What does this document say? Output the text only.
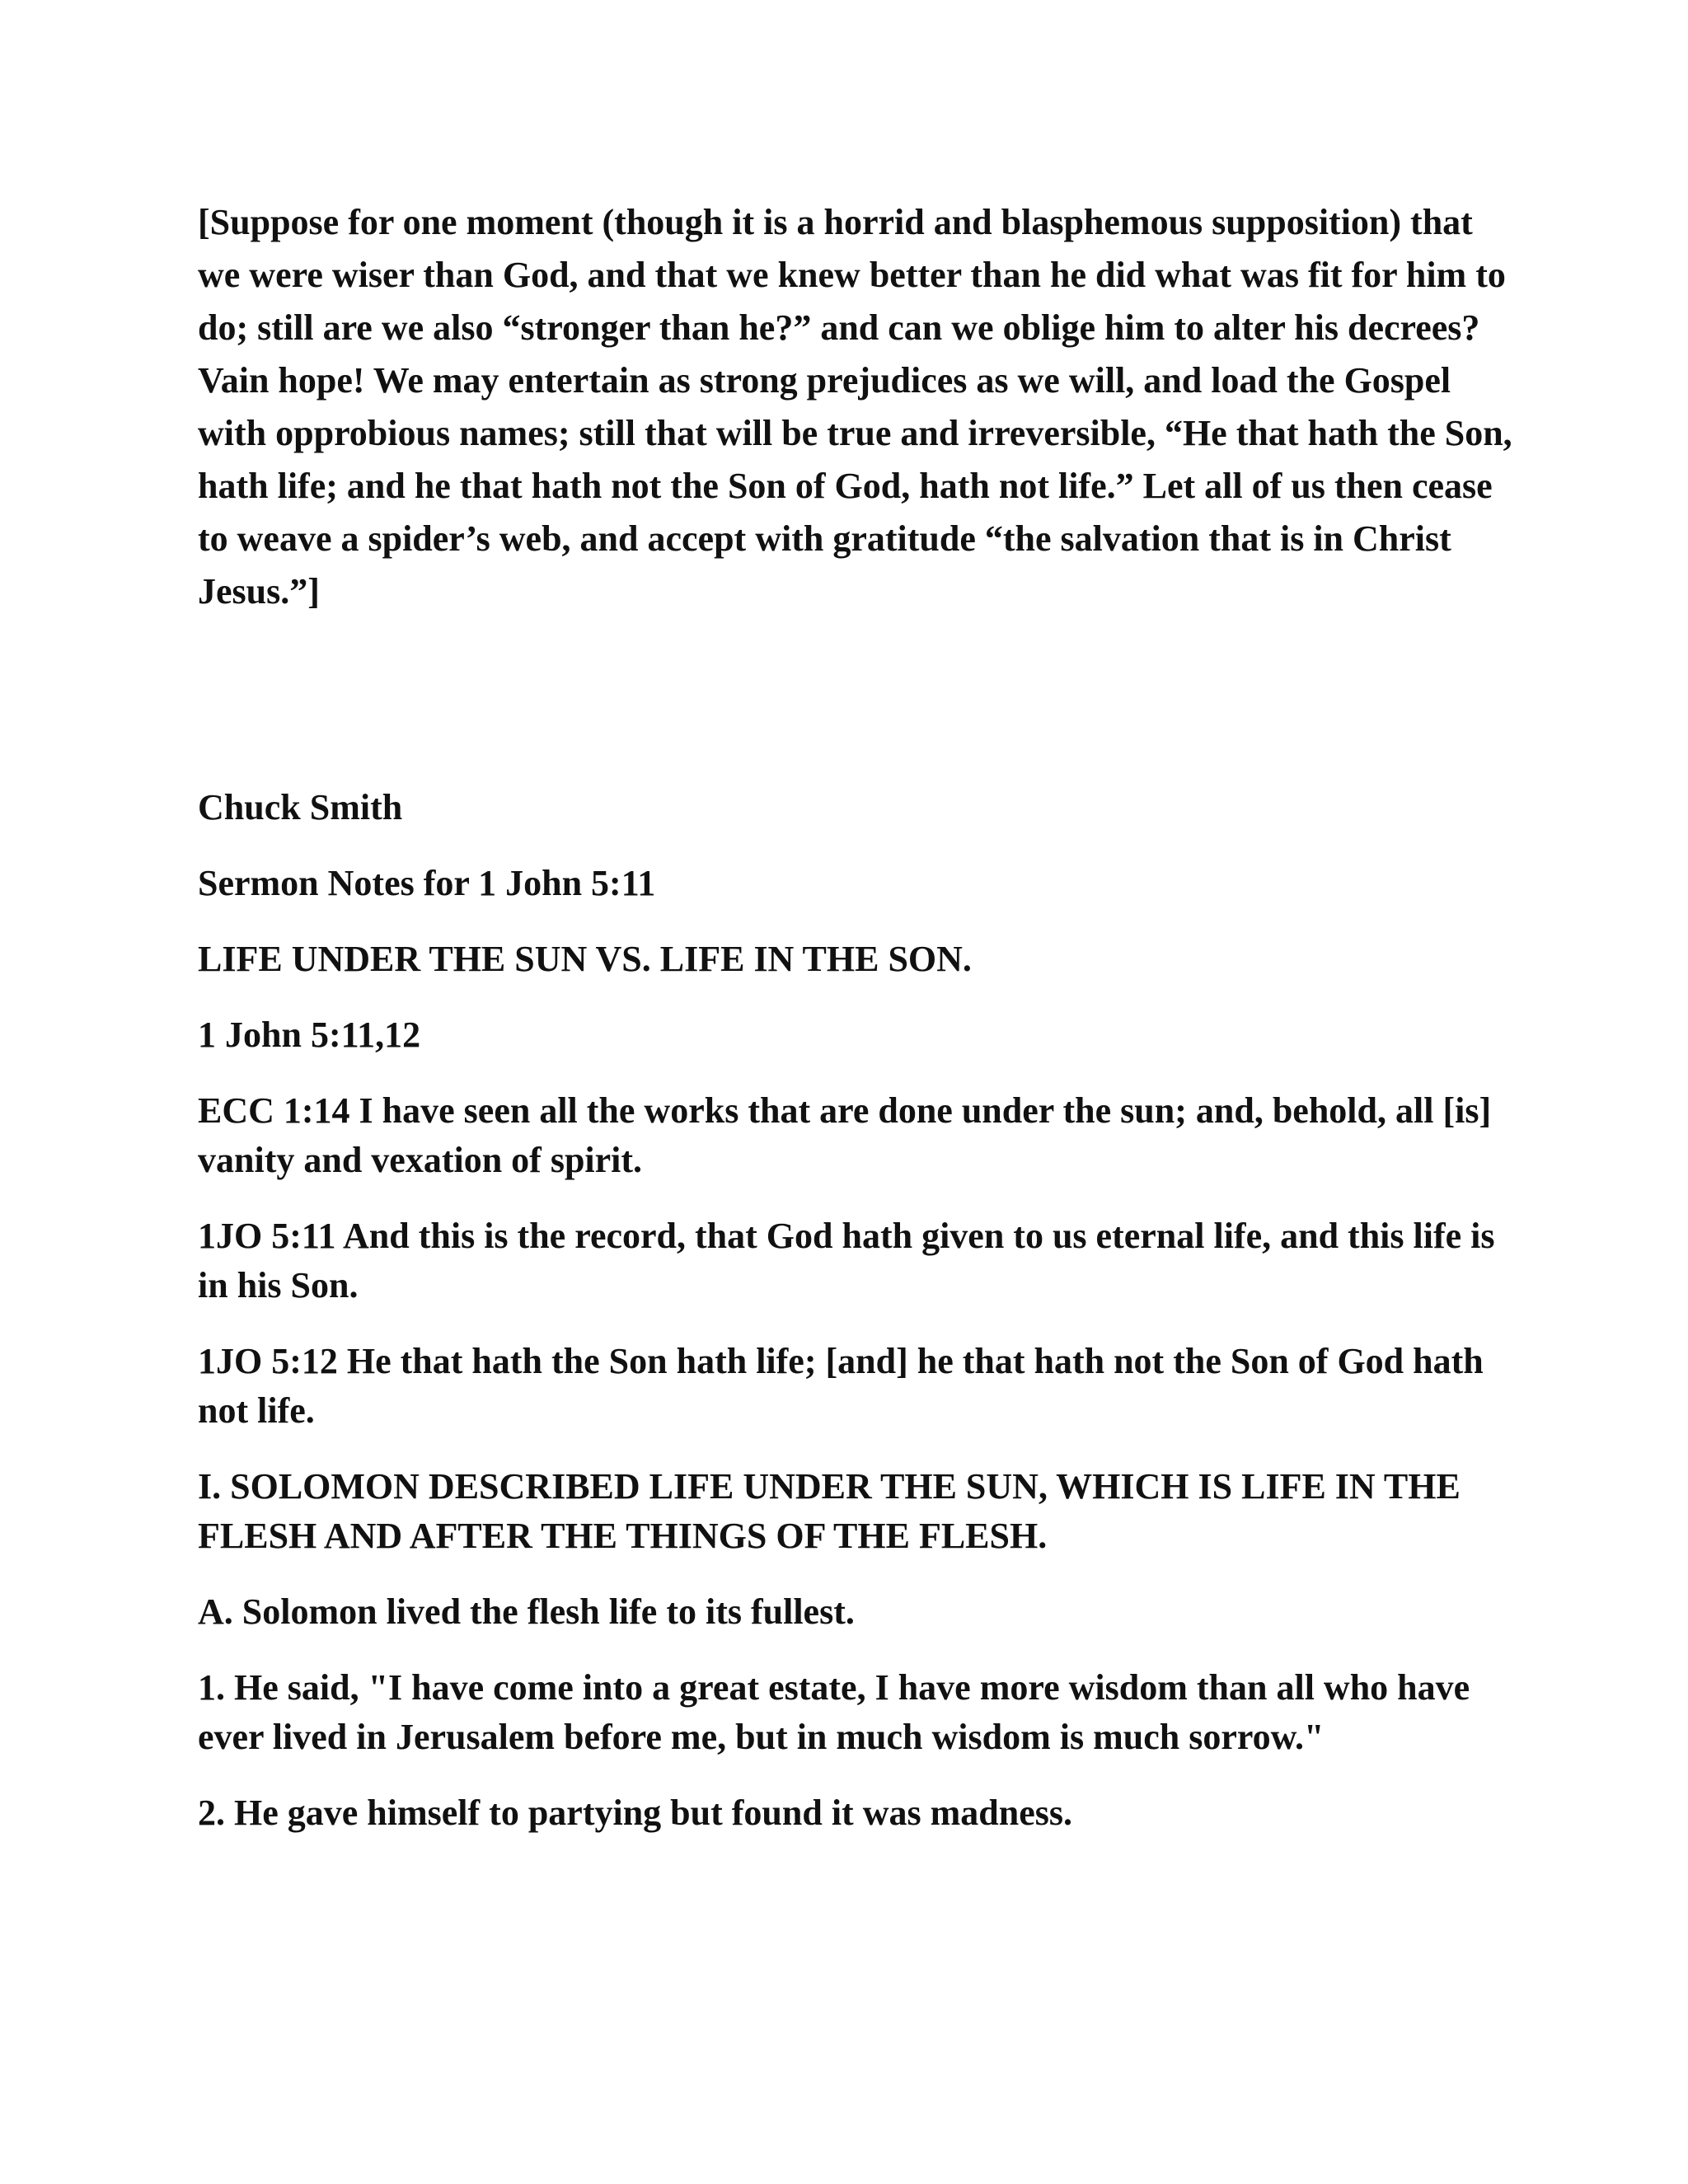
[Suppose for one moment (though it is a horrid and blasphemous supposition) that we were wiser than God, and that we knew better than he did what was fit for him to do; still are we also “stronger than he?” and can we oblige him to alter his decrees? Vain hope! We may entertain as strong prejudices as we will, and load the Gospel with opprobious names; still that will be true and irreversible, “He that hath the Son, hath life; and he that hath not the Son of God, hath not life.” Let all of us then cease to weave a spider’s web, and accept with gratitude “the salvation that is in Christ Jesus.”]

Chuck Smith

Sermon Notes for 1 John 5:11

LIFE UNDER THE SUN VS. LIFE IN THE SON.

1 John 5:11,12

ECC 1:14 I have seen all the works that are done under the sun; and, behold, all [is] vanity and vexation of spirit.

1JO 5:11 And this is the record, that God hath given to us eternal life, and this life is in his Son.

1JO 5:12 He that hath the Son hath life; [and] he that hath not the Son of God hath not life.

I. SOLOMON DESCRIBED LIFE UNDER THE SUN, WHICH IS LIFE IN THE FLESH AND AFTER THE THINGS OF THE FLESH.

A. Solomon lived the flesh life to its fullest.

1. He said, "I have come into a great estate, I have more wisdom than all who have ever lived in Jerusalem before me, but in much wisdom is much sorrow."

2. He gave himself to partying but found it was madness.
